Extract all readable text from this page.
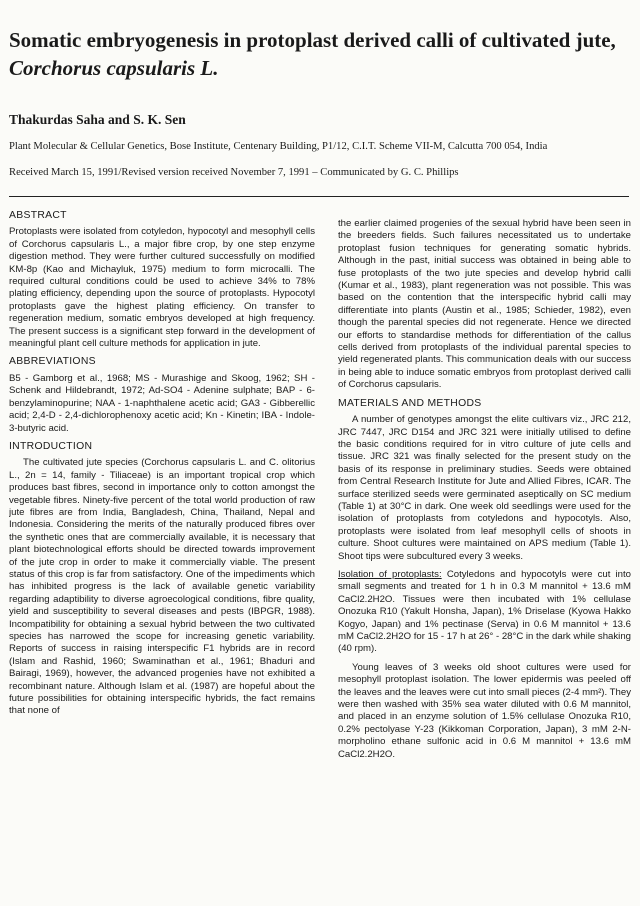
Somatic embryogenesis in protoplast derived calli of cultivated jute,
Corchorus capsularis L.

Thakurdas Saha and S. K. Sen

Plant Molecular & Cellular Genetics, Bose Institute, Centenary Building, P1/12, C.I.T. Scheme VII-M, Calcutta 700 054, India

Received March 15, 1991/Revised version received November 7, 1991 – Communicated by G. C. Phillips

ABSTRACT

Protoplasts were isolated from cotyledon, hypocotyl and mesophyll cells of Corchorus capsularis L., a major fibre crop, by one step enzyme digestion method. They were further cultured successfully on modified KM-8p (Kao and Michayluk, 1975) medium to form microcalli. The required cultural conditions could be used to achieve 34% to 78% plating efficiency, depending upon the source of protoplasts. Hypocotyl protoplasts gave the highest plating efficiency. On transfer to regeneration medium, somatic embryos developed at high frequency. The present success is a significant step forward in the development of meaningful plant cell culture methods for application in jute.

ABBREVIATIONS

B5 - Gamborg et al., 1968; MS - Murashige and Skoog, 1962; SH - Schenk and Hildebrandt, 1972; Ad-SO4 - Adenine sulphate; BAP - 6-benzylaminopurine; NAA - 1-naphthalene acetic acid; GA3 - Gibberellic acid; 2,4-D - 2,4-dichlorophenoxy acetic acid; Kn - Kinetin; IBA - Indole-3-butyric acid.

INTRODUCTION

The cultivated jute species (Corchorus capsularis L. and C. olitorius L., 2n = 14, family - Tiliaceae) is an important tropical crop which produces bast fibres, second in importance only to cotton amongst the vegetable fibres. Ninety-five percent of the total world production of raw jute fibres are from India, Bangladesh, China, Thailand, Nepal and Indonesia. Considering the merits of the naturally produced fibres over the synthetic ones that are commercially available, it is necessary that plant biotechnological efforts should be directed towards improvement of the jute crop in order to make it commercially viable. The present status of this crop is far from satisfactory. One of the impediments which has inhibited progress is the lack of available genetic variability regarding adaptibility to diverse agroecological conditions, fibre quality, yield and susceptibility to several diseases and pests (IBPGR, 1988). Incompatibility for obtaining a sexual hybrid between the two cultivated species has narrowed the scope for increasing genetic variability. Reports of success in raising interspecific F1 hybrids are in record (Islam and Rashid, 1960; Swaminathan et al., 1961; Bhaduri and Bairagi, 1969), however, the advanced progenies have not exhibited a recombinant nature. Although Islam et al. (1987) are hopeful about the future possibilities for obtaining interspecific hybrids, the fact remains that none of

the earlier claimed progenies of the sexual hybrid have been seen in the breeders fields. Such failures necessitated us to undertake protoplast fusion techniques for generating somatic hybrids. Although in the past, initial success was obtained in being able to fuse protoplasts of the two jute species and develop hybrid calli (Kumar et al., 1983), plant regeneration was not possible. This was based on the contention that the interspecific hybrid calli may differentiate into plants (Austin et al., 1985; Schieder, 1982), even though the parental species did not regenerate. Hence we directed our efforts to standardise methods for differentiation of the callus cells derived from protoplasts of the individual parental species to yield regenerated plants. This communication deals with our success in being able to induce somatic embryos from protoplast derived calli of Corchorus capsularis.

MATERIALS AND METHODS

A number of genotypes amongst the elite cultivars viz., JRC 212, JRC 7447, JRC D154 and JRC 321 were initially utilised to define the basic conditions required for in vitro culture of jute cells and tissue. JRC 321 was finally selected for the present study on the basis of its response in preliminary studies. Seeds were obtained from Central Research Institute for Jute and Allied Fibres, ICAR. The surface sterilized seeds were germinated aseptically on SC medium (Table 1) at 30°C in dark. One week old seedlings were used for the isolation of protoplasts from cotyledons and hypocotyls. Also, protoplasts were isolated from leaf mesophyll cells of shoots in culture. Shoot cultures were maintained on APS medium (Table 1). Shoot tips were subcultured every 3 weeks.

Isolation of protoplasts: Cotyledons and hypocotyls were cut into small segments and treated for 1 h in 0.3 M mannitol + 13.6 mM CaCl2.2H2O. Tissues were then incubated with 1% cellulase Onozuka R10 (Yakult Honsha, Japan), 1% Driselase (Kyowa Hakko Kogyo, Japan) and 1% pectinase (Serva) in 0.6 M mannitol + 13.6 mM CaCl2.2H2O for 15 - 17 h at 26° - 28°C in the dark while shaking (40 rpm).

Young leaves of 3 weeks old shoot cultures were used for mesophyll protoplast isolation. The lower epidermis was peeled off the leaves and the leaves were cut into small pieces (2-4 mm²). They were then washed with 35% sea water diluted with 0.6 M mannitol, and placed in an enzyme solution of 1.5% cellulase Onozuka R10, 0.2% pectolyase Y-23 (Kikkoman Corporation, Japan), 3 mM 2-N-morpholino ethane sulfonic acid in 0.6 M mannitol + 13.6 mM CaCl2.2H2O.
